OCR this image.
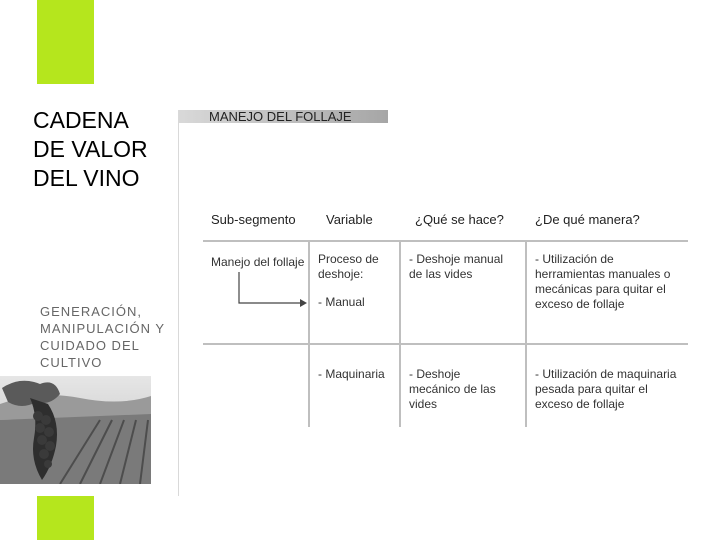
CADENA
DE VALOR
DEL VINO
GENERACIÓN, MANIPULACIÓN Y CUIDADO DEL CULTIVO
MANEJO DEL FOLLAJE
Sub-segmento Variable	¿Qué se hace? ¿De qué manera?
Manejo del follaje	Proceso de deshoje:
- Manual
- Maquinaria
- Deshoje manual de las vides
- Deshoje mecánico de las vides
- Utilización de herramientas manuales o mecánicas para quitar el exceso de follaje
- Utilización de maquinaria pesada para quitar el exceso de follaje
